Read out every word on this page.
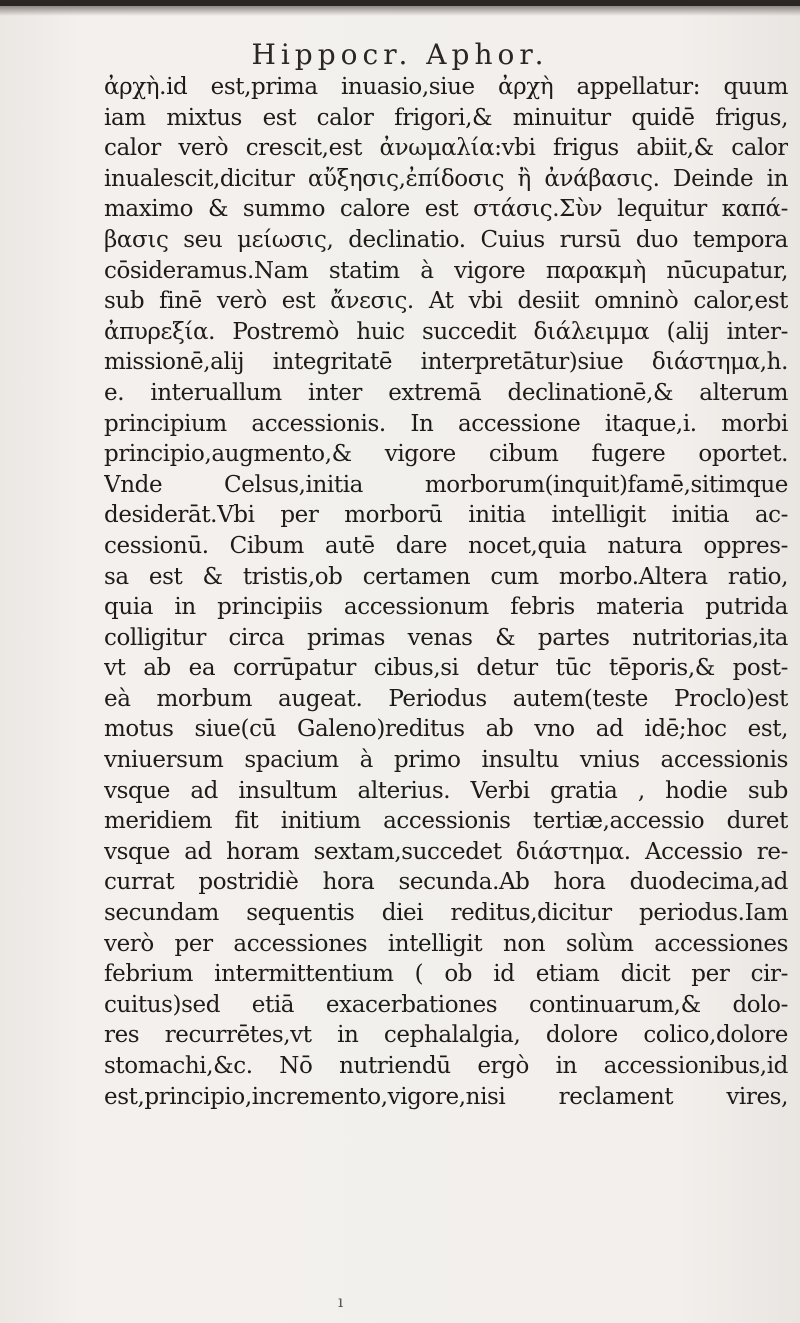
Hippocr. Aphor.
ἀρχὴ.id est,prima inuasio,siue ἀρχὴ appellatur: quum
iam mixtus est calor frigori,& minuitur quidē frigus,
calor verò crescit,est ἀνωμαλία:vbi frigus abiit,& calor
inualescit,dicitur αὔξησις,ἐπίδοσις ἢ ἀνάβασις. Deinde in
maximo & summo calore est στάσις.Σὺν lequitur καπά-
βασις seu μείωσις, declinatio. Cuius rursū duo tempora
cōsideramus.Nam statim à vigore παρακμὴ nūcupatur,
sub finē verò est ἄνεσις. At vbi desiit omninò calor,est
ἀπυρεξία. Postremò huic succedit διάλειμμα (alij inter-
missionē,alij integritatē interpretātur)siue διάστημα,h.
e. interuallum inter extremā declinationē,& alterum
principium accessionis. In accessione itaque,i. morbi
principio,augmento,& vigore cibum fugere oportet.
Vnde Celsus,initia morborum(inquit)famē,sitimque
desiderāt.Vbi per morborū initia intelligit initia ac-
cessionū. Cibum autē dare nocet,quia natura oppres-
sa est & tristis,ob certamen cum morbo.Altera ratio,
quia in principiis accessionum febris materia putrida
colligitur circa primas venas & partes nutritorias,ita
vt ab ea corrūpatur cibus,si detur tūc tēporis,& post-
eà morbum augeat. Periodus autem(teste Proclo)est
motus siue(cū Galeno)reditus ab vno ad idē;hoc est,
vniuersum spacium à primo insultu vnius accessionis
vsque ad insultum alterius. Verbi gratia , hodie sub
meridiem fit initium accessionis tertiæ,accessio duret
vsque ad horam sextam,succedet διάστημα. Accessio re-
currat postridiè hora secunda.Ab hora duodecima,ad
secundam sequentis diei reditus,dicitur periodus.Iam
verò per accessiones intelligit non solùm accessiones
febrium intermittentium ( ob id etiam dicit per cir-
cuitus)sed etiā exacerbationes continuarum,& dolo-
res recurrētes,vt in cephalalgia, dolore colico,dolore
stomachi,&c. Nō nutriendū ergò in accessionibus,id
est,principio,incremento,vigore,nisi reclament vires,
ı
